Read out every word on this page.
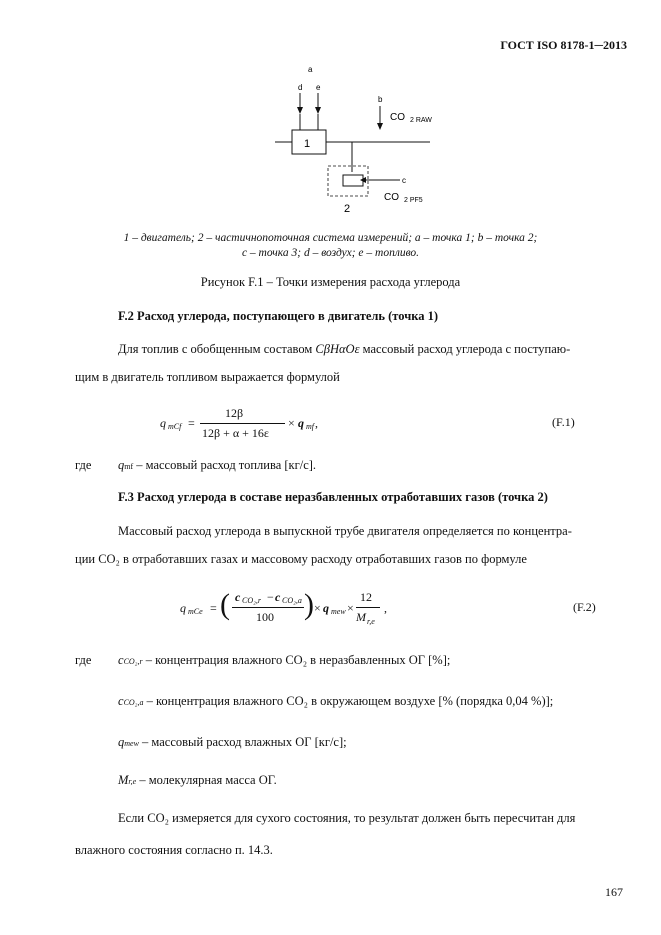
ГОСТ ISO 8178-1─2013
a
d e
1
b
CO 2 RAW
2
c
CO 2 PF5
1 – двигатель; 2 – частичнопоточная система измерений; a – точка 1; b – точка 2;
c – точка 3; d – воздух; e – топливо.
Рисунок F.1 ‒ Точки измерения расхода углерода
F.2 Расход углерода, поступающего в двигатель (точка 1)
Для топлив с обобщенным составом CβHαOε массовый расход углерода с поступаю-
щим в двигатель топливом выражается формулой
q mCf =
12β
12β + α + 16ε
× q mf ,	(F.1)
где qmf – массовый расход топлива [кг/с].
F.3 Расход углерода в составе неразбавленных отработавших газов (точка 2)
Массовый расход углерода в выпускной трубе двигателя определяется по концентра-
ции CO₂ в отработавших газах и массовому расходу отработавших газов по формуле
q mCe = ( c CO₂,r − c CO₂,a
100 ) × q mew ×
12
M r,e
,	(F.2)
где cCO₂,r – концентрация влажного CO₂ в неразбавленных ОГ [%];
cCO₂,a – концентрация влажного CO₂ в окружающем воздухе [% (порядка 0,04 %)];
qmew – массовый расход влажных ОГ [кг/с];
Mr,e – молекулярная масса ОГ.
Если CO₂ измеряется для сухого состояния, то результат должен быть пересчитан для
влажного состояния согласно п. 14.3.
167
